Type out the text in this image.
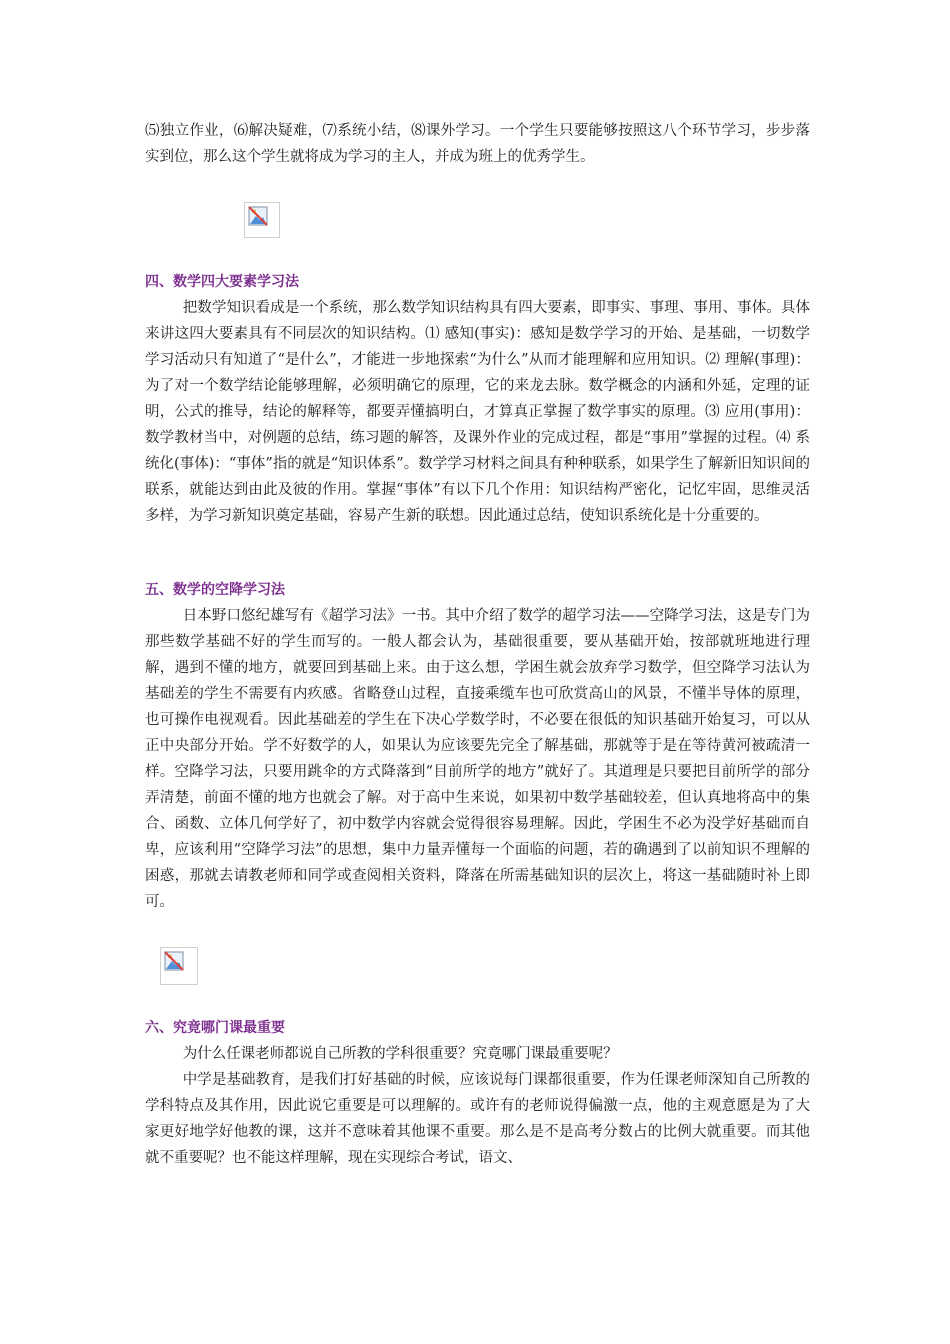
⑸独立作业，⑹解决疑难，⑺系统小结，⑻课外学习。一个学生只要能够按照这八个环节学习，步步落实到位，那么这个学生就将成为学习的主人，并成为班上的优秀学生。

四、数学四大要素学习法

把数学知识看成是一个系统，那么数学知识结构具有四大要素，即事实、事理、事用、事体。具体来讲这四大要素具有不同层次的知识结构。⑴ 感知(事实)：感知是数学学习的开始、是基础，一切数学学习活动只有知道了“是什么”，才能进一步地探索“为什么”从而才能理解和应用知识。⑵ 理解(事理)：为了对一个数学结论能够理解，必须明确它的原理，它的来龙去脉。数学概念的内涵和外延，定理的证明，公式的推导，结论的解释等，都要弄懂搞明白，才算真正掌握了数学事实的原理。⑶ 应用(事用)：数学教材当中，对例题的总结，练习题的解答，及课外作业的完成过程，都是“事用”掌握的过程。⑷ 系统化(事体)：“事体”指的就是“知识体系”。数学学习材料之间具有种种联系，如果学生了解新旧知识间的联系，就能达到由此及彼的作用。掌握“事体”有以下几个作用：知识结构严密化，记忆牢固，思维灵活多样，为学习新知识奠定基础，容易产生新的联想。因此通过总结，使知识系统化是十分重要的。

五、数学的空降学习法

日本野口悠纪雄写有《超学习法》一书。其中介绍了数学的超学习法——空降学习法，这是专门为那些数学基础不好的学生而写的。一般人都会认为，基础很重要，要从基础开始，按部就班地进行理解，遇到不懂的地方，就要回到基础上来。由于这么想，学困生就会放弃学习数学，但空降学习法认为基础差的学生不需要有内疚感。省略登山过程，直接乘缆车也可欣赏高山的风景，不懂半导体的原理，也可操作电视观看。因此基础差的学生在下决心学数学时，不必要在很低的知识基础开始复习，可以从正中央部分开始。学不好数学的人，如果认为应该要先完全了解基础，那就等于是在等待黄河被疏清一样。空降学习法，只要用跳伞的方式降落到“目前所学的地方”就好了。其道理是只要把目前所学的部分弄清楚，前面不懂的地方也就会了解。对于高中生来说，如果初中数学基础较差，但认真地将高中的集合、函数、立体几何学好了，初中数学内容就会觉得很容易理解。因此，学困生不必为没学好基础而自卑，应该利用“空降学习法”的思想，集中力量弄懂每一个面临的问题，若的确遇到了以前知识不理解的困惑，那就去请教老师和同学或查阅相关资料，降落在所需基础知识的层次上，将这一基础随时补上即可。

六、究竟哪门课最重要

为什么任课老师都说自己所教的学科很重要？究竟哪门课最重要呢？

中学是基础教育，是我们打好基础的时候，应该说每门课都很重要，作为任课老师深知自己所教的学科特点及其作用，因此说它重要是可以理解的。或许有的老师说得偏激一点，他的主观意愿是为了大家更好地学好他教的课，这并不意味着其他课不重要。那么是不是高考分数占的比例大就重要。而其他就不重要呢？也不能这样理解，现在实现综合考试，语文、
